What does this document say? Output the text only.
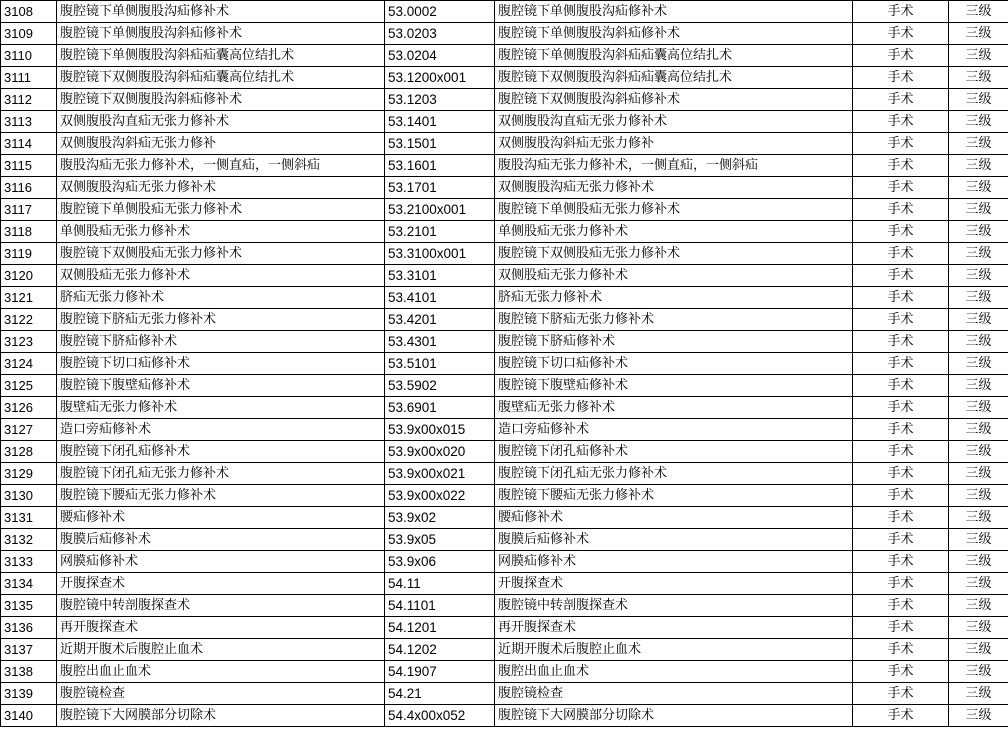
3108	腹腔镜下单侧腹股沟疝修补术	53.0002	腹腔镜下单侧腹股沟疝修补术	手术	三级
3109	腹腔镜下单侧腹股沟斜疝修补术	53.0203	腹腔镜下单侧腹股沟斜疝修补术	手术	三级
3110	腹腔镜下单侧腹股沟斜疝疝囊高位结扎术	53.0204	腹腔镜下单侧腹股沟斜疝疝囊高位结扎术	手术	三级
3111	腹腔镜下双侧腹股沟斜疝疝囊高位结扎术	53.1200x001	腹腔镜下双侧腹股沟斜疝疝囊高位结扎术	手术	三级
3112	腹腔镜下双侧腹股沟斜疝修补术	53.1203	腹腔镜下双侧腹股沟斜疝修补术	手术	三级
3113	双侧腹股沟直疝无张力修补术	53.1401	双侧腹股沟直疝无张力修补术	手术	三级
3114	双侧腹股沟斜疝无张力修补	53.1501	双侧腹股沟斜疝无张力修补	手术	三级
3115	腹股沟疝无张力修补术，一侧直疝，一侧斜疝	53.1601	腹股沟疝无张力修补术，一侧直疝，一侧斜疝	手术	三级
3116	双侧腹股沟疝无张力修补术	53.1701	双侧腹股沟疝无张力修补术	手术	三级
3117	腹腔镜下单侧股疝无张力修补术	53.2100x001	腹腔镜下单侧股疝无张力修补术	手术	三级
3118	单侧股疝无张力修补术	53.2101	单侧股疝无张力修补术	手术	三级
3119	腹腔镜下双侧股疝无张力修补术	53.3100x001	腹腔镜下双侧股疝无张力修补术	手术	三级
3120	双侧股疝无张力修补术	53.3101	双侧股疝无张力修补术	手术	三级
3121	脐疝无张力修补术	53.4101	脐疝无张力修补术	手术	三级
3122	腹腔镜下脐疝无张力修补术	53.4201	腹腔镜下脐疝无张力修补术	手术	三级
3123	腹腔镜下脐疝修补术	53.4301	腹腔镜下脐疝修补术	手术	三级
3124	腹腔镜下切口疝修补术	53.5101	腹腔镜下切口疝修补术	手术	三级
3125	腹腔镜下腹壁疝修补术	53.5902	腹腔镜下腹壁疝修补术	手术	三级
3126	腹壁疝无张力修补术	53.6901	腹壁疝无张力修补术	手术	三级
3127	造口旁疝修补术	53.9x00x015	造口旁疝修补术	手术	三级
3128	腹腔镜下闭孔疝修补术	53.9x00x020	腹腔镜下闭孔疝修补术	手术	三级
3129	腹腔镜下闭孔疝无张力修补术	53.9x00x021	腹腔镜下闭孔疝无张力修补术	手术	三级
3130	腹腔镜下腰疝无张力修补术	53.9x00x022	腹腔镜下腰疝无张力修补术	手术	三级
3131	腰疝修补术	53.9x02	腰疝修补术	手术	三级
3132	腹膜后疝修补术	53.9x05	腹膜后疝修补术	手术	三级
3133	网膜疝修补术	53.9x06	网膜疝修补术	手术	三级
3134	开腹探查术	54.11	开腹探查术	手术	三级
3135	腹腔镜中转剖腹探查术	54.1101	腹腔镜中转剖腹探查术	手术	三级
3136	再开腹探查术	54.1201	再开腹探查术	手术	三级
3137	近期开腹术后腹腔止血术	54.1202	近期开腹术后腹腔止血术	手术	三级
3138	腹腔出血止血术	54.1907	腹腔出血止血术	手术	三级
3139	腹腔镜检查	54.21	腹腔镜检查	手术	三级
3140	腹腔镜下大网膜部分切除术	54.4x00x052	腹腔镜下大网膜部分切除术	手术	三级
